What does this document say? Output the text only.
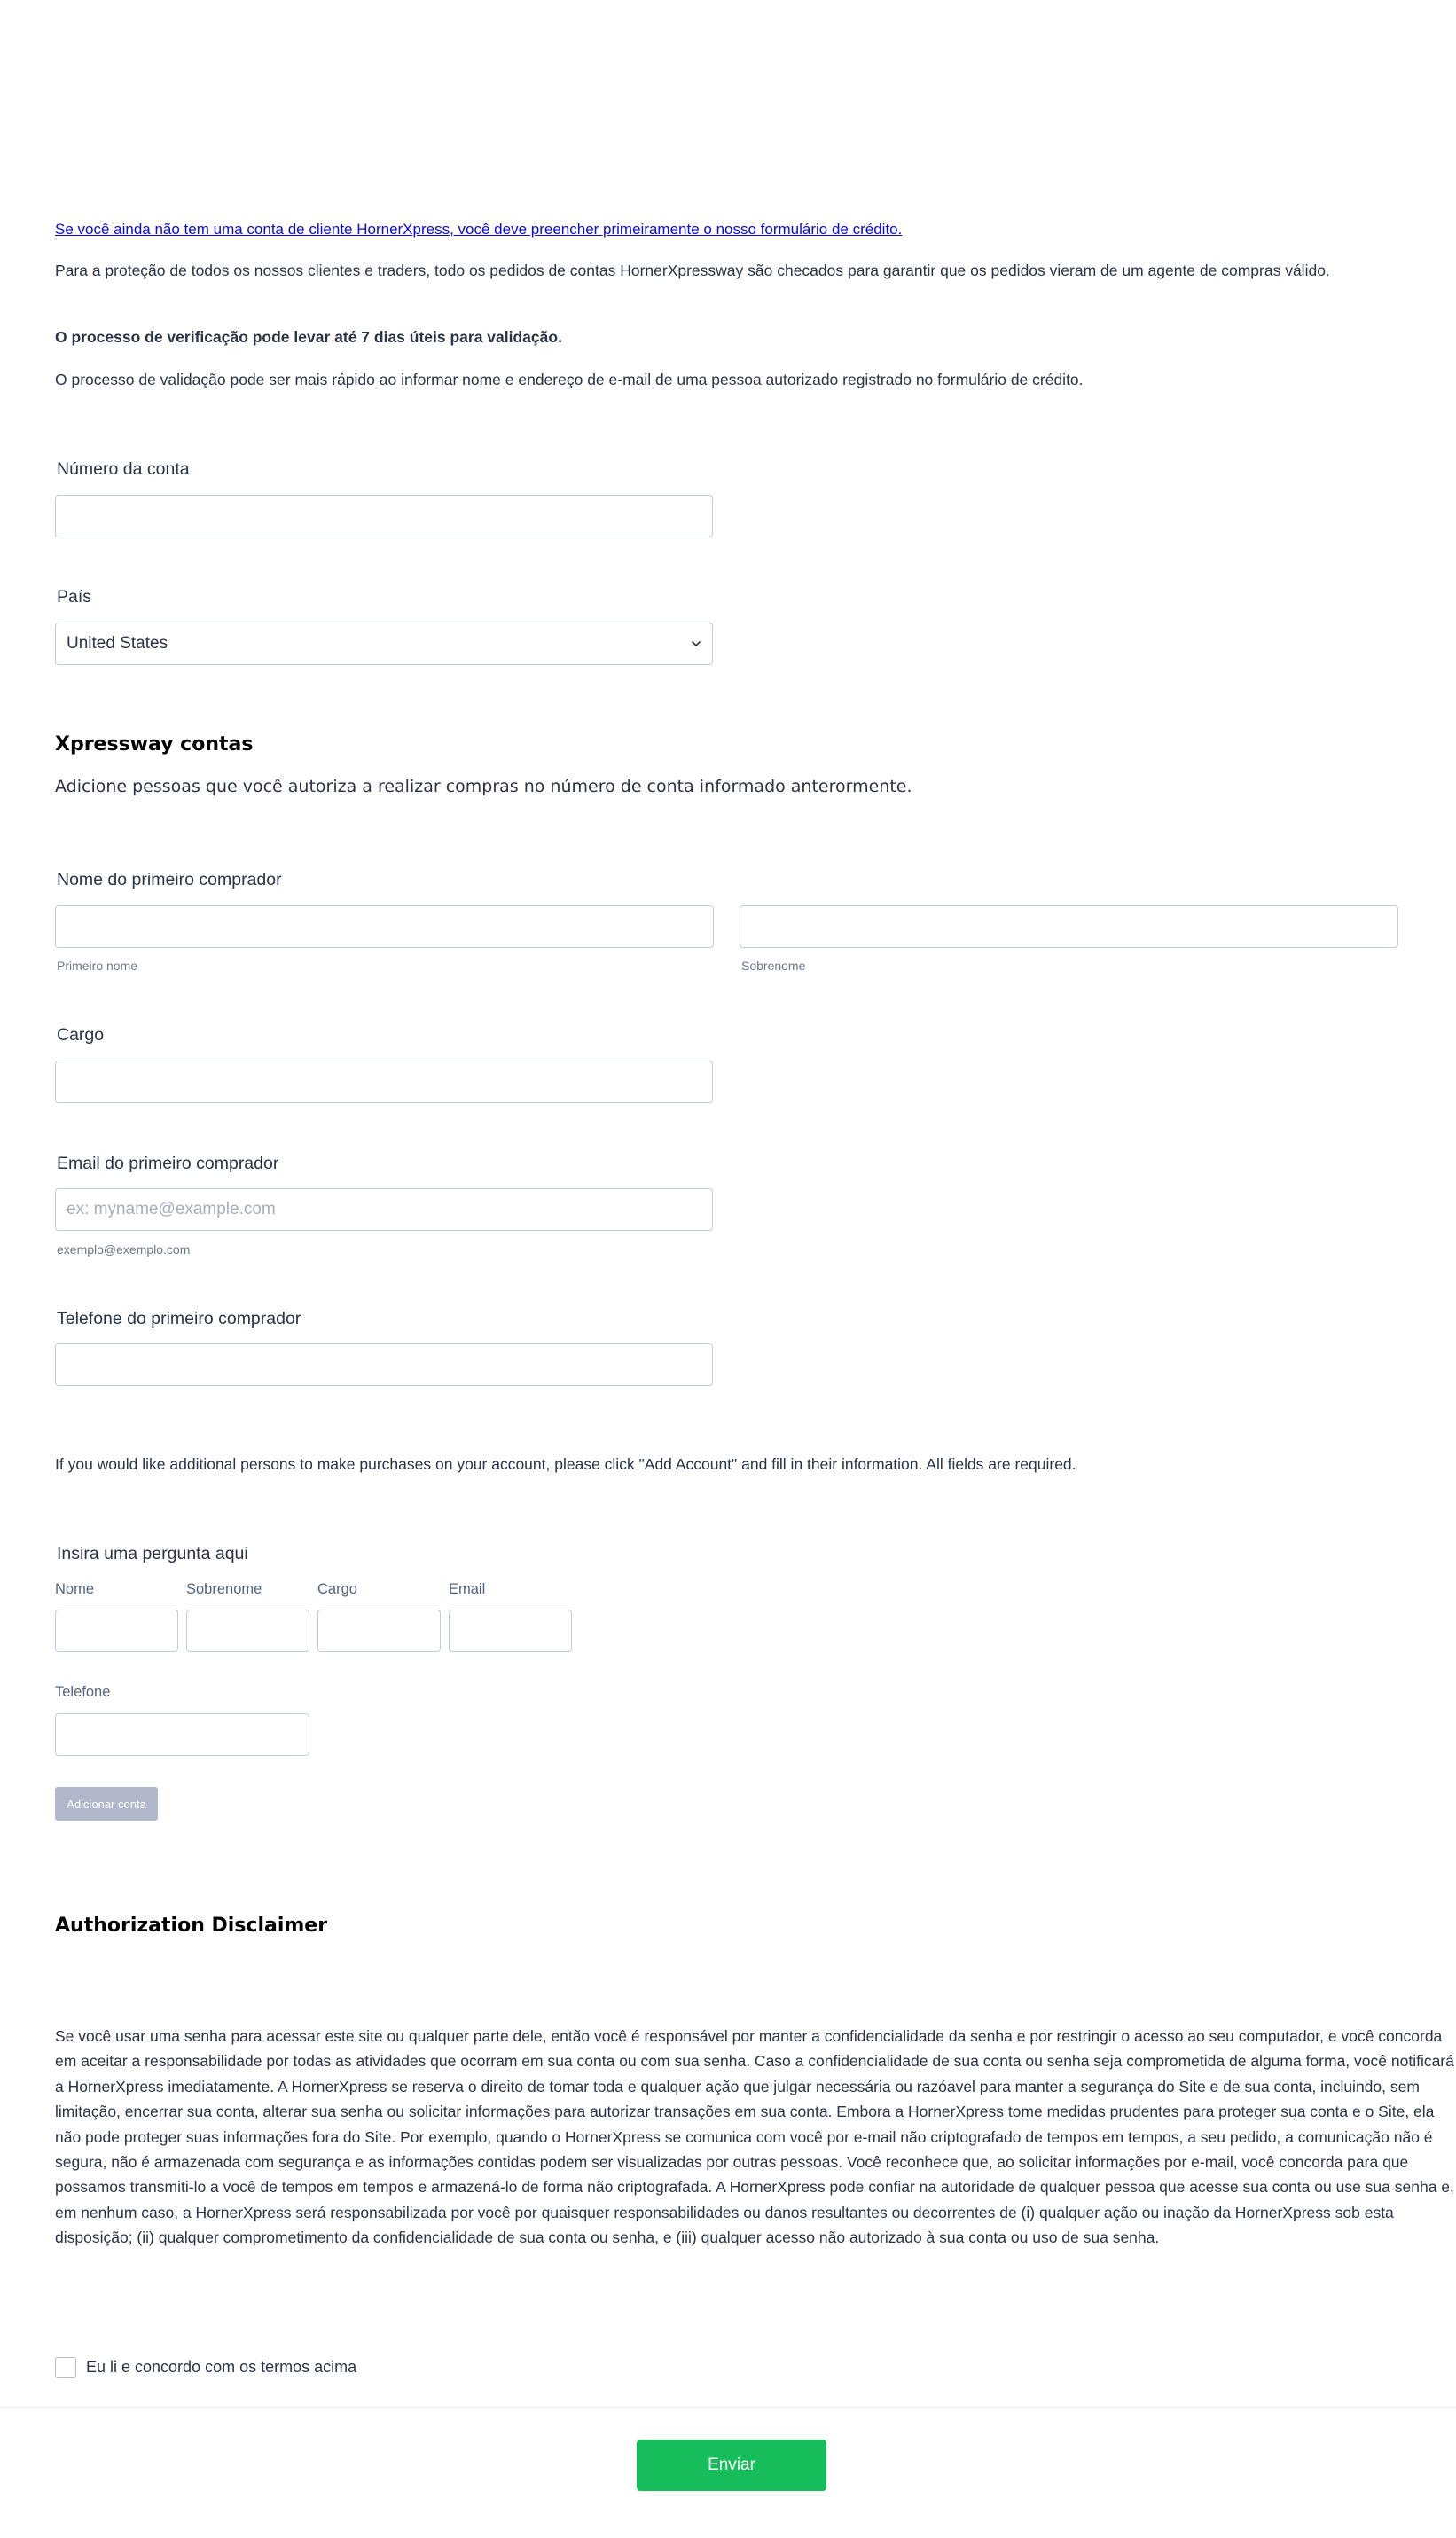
Se você ainda não tem uma conta de cliente HornerXpress, você deve preencher primeiramente o nosso formulário de crédito.
Para a proteção de todos os nossos clientes e traders, todo os pedidos de contas HornerXpressway são checados para garantir que os pedidos vieram de um agente de compras válido.
O processo de verificação pode levar até 7 dias úteis para validação.
O processo de validação pode ser mais rápido ao informar nome e endereço de e-mail de uma pessoa autorizado registrado no formulário de crédito.
Número da conta
País
United States
Xpressway contas
Adicione pessoas que você autoriza a realizar compras no número de conta informado anterormente.
Nome do primeiro comprador
Primeiro nome	Sobrenome
Cargo
Email do primeiro comprador
ex: myname@example.com
exemplo@exemplo.com
Telefone do primeiro comprador
If you would like additional persons to make purchases on your account, please click "Add Account" and fill in their information. All fields are required.
Insira uma pergunta aqui
Nome	Sobrenome	Cargo	Email
Telefone
Adicionar conta
Authorization Disclaimer
Se você usar uma senha para acessar este site ou qualquer parte dele, então você é responsável por manter a confidencialidade da senha e por restringir o acesso ao seu computador, e você concorda em aceitar a responsabilidade por todas as atividades que ocorram em sua conta ou com sua senha. Caso a confidencialidade de sua conta ou senha seja comprometida de alguma forma, você notificará a HornerXpress imediatamente. A HornerXpress se reserva o direito de tomar toda e qualquer ação que julgar necessária ou razóavel para manter a segurança do Site e de sua conta, incluindo, sem limitação, encerrar sua conta, alterar sua senha ou solicitar informações para autorizar transações em sua conta. Embora a HornerXpress tome medidas prudentes para proteger sua conta e o Site, ela não pode proteger suas informações fora do Site. Por exemplo, quando o HornerXpress se comunica com você por e-mail não criptografado de tempos em tempos, a seu pedido, a comunicação não é segura, não é armazenada com segurança e as informações contidas podem ser visualizadas por outras pessoas. Você reconhece que, ao solicitar informações por e-mail, você concorda para que possamos transmiti-lo a você de tempos em tempos e armazená-lo de forma não criptografada. A HornerXpress pode confiar na autoridade de qualquer pessoa que acesse sua conta ou use sua senha e, em nenhum caso, a HornerXpress será responsabilizada por você por quaisquer responsabilidades ou danos resultantes ou decorrentes de (i) qualquer ação ou inação da HornerXpress sob esta disposição; (ii) qualquer comprometimento da confidencialidade de sua conta ou senha, e (iii) qualquer acesso não autorizado à sua conta ou uso de sua senha.
Eu li e concordo com os termos acima
Enviar
